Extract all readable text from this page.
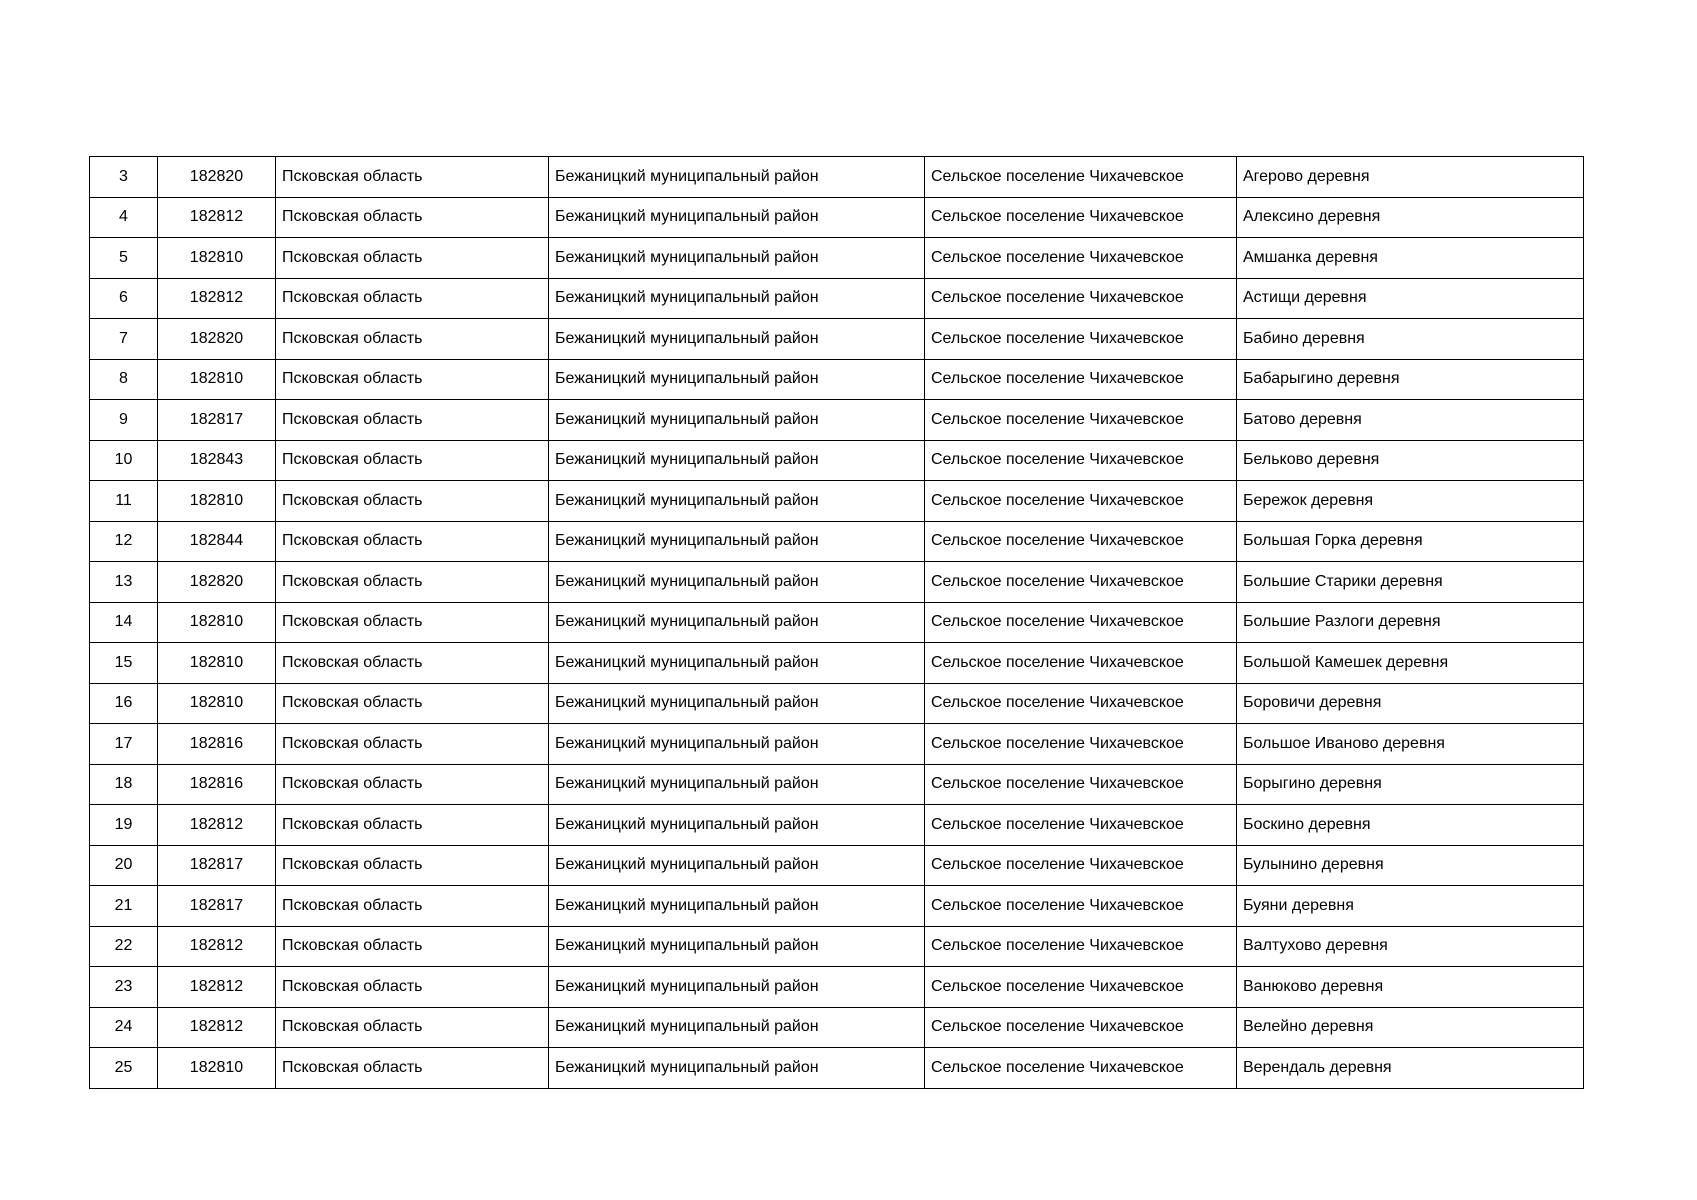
3	182820	Псковская область	Бежаницкий муниципальный район	Сельское поселение Чихачевское	Агерово деревня
4	182812	Псковская область	Бежаницкий муниципальный район	Сельское поселение Чихачевское	Алексино деревня
5	182810	Псковская область	Бежаницкий муниципальный район	Сельское поселение Чихачевское	Амшанка деревня
6	182812	Псковская область	Бежаницкий муниципальный район	Сельское поселение Чихачевское	Астищи деревня
7	182820	Псковская область	Бежаницкий муниципальный район	Сельское поселение Чихачевское	Бабино деревня
8	182810	Псковская область	Бежаницкий муниципальный район	Сельское поселение Чихачевское	Бабарыгино деревня
9	182817	Псковская область	Бежаницкий муниципальный район	Сельское поселение Чихачевское	Батово деревня
10	182843	Псковская область	Бежаницкий муниципальный район	Сельское поселение Чихачевское	Бельково деревня
11	182810	Псковская область	Бежаницкий муниципальный район	Сельское поселение Чихачевское	Бережок деревня
12	182844	Псковская область	Бежаницкий муниципальный район	Сельское поселение Чихачевское	Большая Горка деревня
13	182820	Псковская область	Бежаницкий муниципальный район	Сельское поселение Чихачевское	Большие Старики деревня
14	182810	Псковская область	Бежаницкий муниципальный район	Сельское поселение Чихачевское	Большие Разлоги деревня
15	182810	Псковская область	Бежаницкий муниципальный район	Сельское поселение Чихачевское	Большой Камешек деревня
16	182810	Псковская область	Бежаницкий муниципальный район	Сельское поселение Чихачевское	Боровичи деревня
17	182816	Псковская область	Бежаницкий муниципальный район	Сельское поселение Чихачевское	Большое Иваново деревня
18	182816	Псковская область	Бежаницкий муниципальный район	Сельское поселение Чихачевское	Борыгино деревня
19	182812	Псковская область	Бежаницкий муниципальный район	Сельское поселение Чихачевское	Боскино деревня
20	182817	Псковская область	Бежаницкий муниципальный район	Сельское поселение Чихачевское	Булынино деревня
21	182817	Псковская область	Бежаницкий муниципальный район	Сельское поселение Чихачевское	Буяни деревня
22	182812	Псковская область	Бежаницкий муниципальный район	Сельское поселение Чихачевское	Валтухово деревня
23	182812	Псковская область	Бежаницкий муниципальный район	Сельское поселение Чихачевское	Ванюково деревня
24	182812	Псковская область	Бежаницкий муниципальный район	Сельское поселение Чихачевское	Велейно деревня
25	182810	Псковская область	Бежаницкий муниципальный район	Сельское поселение Чихачевское	Верендаль деревня
